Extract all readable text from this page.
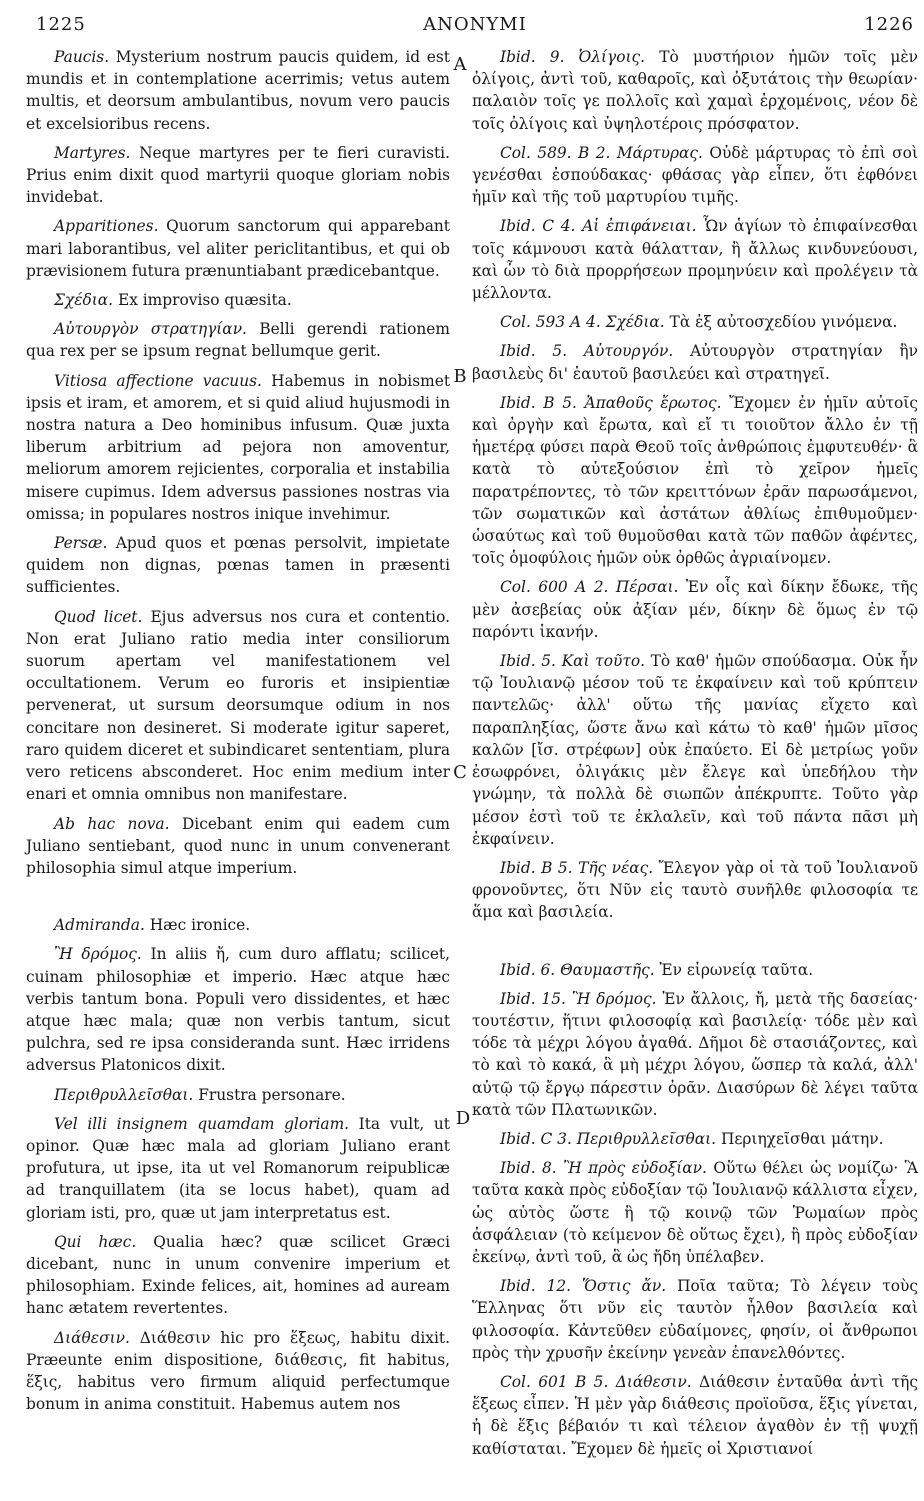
1225	ANONYMI	1226

Paucis. Mysterium nostrum paucis quidem, id est mundis et in contemplatione acerrimis; vetus autem multis, et deorsum ambulantibus, novum vero paucis et excelsioribus recens.

Martyres. Neque martyres per te fieri curavisti. Prius enim dixit quod martyrii quoque gloriam nobis invidebat.

Apparitiones. Quorum sanctorum qui apparebant mari laborantibus, vel aliter periclitantibus, et qui ob prævisionem futura prænuntiabant prædicebantque.

Σχέδια. Ex improviso quæsita.

Αὐτουργὸν στρατηγίαν. Belli gerendi rationem qua rex per se ipsum regnat bellumque gerit.

Vitiosa affectione vacuus. Habemus in nobismet ipsis et iram, et amorem, et si quid aliud hujusmodi in nostra natura a Deo hominibus infusum. Quæ juxta liberum arbitrium ad pejora non amoventur, meliorum amorem rejicientes, corporalia et instabilia misere cupimus. Idem adversus passiones nostras via omissa; in populares nostros inique invehimur.

Persæ. Apud quos et pœnas persolvit, impietate quidem non dignas, pœnas tamen in præsenti sufficientes.

Quod licet. Ejus adversus nos cura et contentio. Non erat Juliano ratio media inter consiliorum suorum apertam vel manifestationem vel occultationem. Verum eo furoris et insipientiæ pervenerat, ut sursum deorsumque odium in nos concitare non desineret. Si moderate igitur saperet, raro quidem diceret et subindicaret sententiam, plura vero reticens absconderet. Hoc enim medium inter enari et omnia omnibus non manifestare.

Ab hac nova. Dicebant enim qui eadem cum Juliano sentiebant, quod nunc in unum convenerant philosophia simul atque imperium.

Admiranda. Hæc ironice.

Ἢ δρόμος. In aliis ἤ, cum duro afflatu; scilicet, cuinam philosophiæ et imperio. Hæc atque hæc verbis tantum bona. Populi vero dissidentes, et hæc atque hæc mala; quæ non verbis tantum, sicut pulchra, sed re ipsa consideranda sunt. Hæc irridens adversus Platonicos dixit.

Περιθρυλλεῖσθαι. Frustra personare.

Vel illi insignem quamdam gloriam. Ita vult, ut opinor. Quæ hæc mala ad gloriam Juliano erant profutura, ut ipse, ita ut vel Romanorum reipublicæ ad tranquillatem (ita se locus habet), quam ad gloriam isti, pro, quæ ut jam interpretatus est.

Qui hæc. Qualia hæc? quæ scilicet Græci dicebant, nunc in unum convenire imperium et philosophiam. Exinde felices, ait, homines ad auream hanc ætatem revertentes.

Διάθεσιν. Διάθεσιν hic pro ἕξεως, habitu dixit. Præeunte enim dispositione, διάθεσις, fit habitus, ἕξις, habitus vero firmum aliquid perfectumque bonum in anima constituit. Habemus autem nos

Ibid. 9. Ὀλίγοις. Τὸ μυστήριον ἡμῶν τοῖς μὲν ὀλίγοις, ἀντὶ τοῦ, καθαροῖς, καὶ ὀξυτάτοις τὴν θεωρίαν· παλαιὸν τοῖς γε πολλοῖς καὶ χαμαὶ ἐρχομένοις, νέον δὲ τοῖς ὀλίγοις καὶ ὑψηλοτέροις πρόσφατον.

Col. 589. B 2. Μάρτυρας. Οὐδὲ μάρτυρας τὸ ἐπὶ σοὶ γενέσθαι ἐσπούδακας· φθάσας γὰρ εἶπεν, ὅτι ἐφθόνει ἡμῖν καὶ τῆς τοῦ μαρτυρίου τιμῆς.

Ibid. C 4. Αἱ ἐπιφάνειαι. Ὧν ἁγίων τὸ ἐπιφαίνεσθαι τοῖς κάμνουσι κατὰ θάλατταν, ἢ ἄλλως κινδυνεύουσι, καὶ ὧν τὸ διὰ προρρήσεων προμηνύειν καὶ προλέγειν τὰ μέλλοντα.

Col. 593 A 4. Σχέδια. Τὰ ἐξ αὐτοσχεδίου γινόμενα.

Ibid. 5. Αὐτουργόν. Αὐτουργὸν στρατηγίαν ἣν βασιλεὺς δι' ἑαυτοῦ βασιλεύει καὶ στρατηγεῖ.

Ibid. B 5. Ἀπαθοῦς ἔρωτος. Ἔχομεν ἐν ἡμῖν αὐτοῖς καὶ ὀργὴν καὶ ἔρωτα, καὶ εἴ τι τοιοῦτον ἄλλο ἐν τῇ ἡμετέρᾳ φύσει παρὰ Θεοῦ τοῖς ἀνθρώποις ἐμφυτευθέν· ἃ κατὰ τὸ αὐτεξούσιον ἐπὶ τὸ χεῖρον ἡμεῖς παρατρέποντες, τὸ τῶν κρειττόνων ἐρᾶν παρωσάμενοι, τῶν σωματικῶν καὶ ἀστάτων ἀθλίως ἐπιθυμοῦμεν· ὡσαύτως καὶ τοῦ θυμοῦσθαι κατὰ τῶν παθῶν ἀφέντες, τοῖς ὁμοφύλοις ἡμῶν οὐκ ὀρθῶς ἀγριαίνομεν.

Col. 600 A 2. Πέρσαι. Ἐν οἷς καὶ δίκην ἔδωκε, τῆς μὲν ἀσεβείας οὐκ ἀξίαν μέν, δίκην δὲ ὅμως ἐν τῷ παρόντι ἱκανήν.

Ibid. 5. Καὶ τοῦτο. Τὸ καθ' ἡμῶν σπούδασμα. Οὐκ ἦν τῷ Ἰουλιανῷ μέσον τοῦ τε ἐκφαίνειν καὶ τοῦ κρύπτειν παντελῶς· ἀλλ' οὕτω τῆς μανίας εἴχετο καὶ παραπληξίας, ὥστε ἄνω καὶ κάτω τὸ καθ' ἡμῶν μῖσος καλῶν [ἴσ. στρέφων] οὐκ ἐπαύετο. Εἰ δὲ μετρίως γοῦν ἐσωφρόνει, ὀλιγάκις μὲν ἔλεγε καὶ ὑπεδήλου τὴν γνώμην, τὰ πολλὰ δὲ σιωπῶν ἀπέκρυπτε. Τοῦτο γὰρ μέσον ἐστὶ τοῦ τε ἐκλαλεῖν, καὶ τοῦ πάντα πᾶσι μὴ ἐκφαίνειν.

Ibid. B 5. Τῆς νέας. Ἔλεγον γὰρ οἱ τὰ τοῦ Ἰουλιανοῦ φρονοῦντες, ὅτι Νῦν εἰς ταυτὸ συνῆλθε φιλοσοφία τε ἅμα καὶ βασιλεία.

Ibid. 6. Θαυμαστῆς. Ἐν εἰρωνείᾳ ταῦτα.

Ibid. 15. Ἢ δρόμος. Ἐν ἄλλοις, ἤ, μετὰ τῆς δασείας· τουτέστιν, ἥτινι φιλοσοφίᾳ καὶ βασιλείᾳ· τόδε μὲν καὶ τόδε τὰ μέχρι λόγου ἀγαθά. Δῆμοι δὲ στασιάζοντες, καὶ τὸ καὶ τὸ κακά, ἃ μὴ μέχρι λόγου, ὥσπερ τὰ καλά, ἀλλ' αὐτῷ τῷ ἔργῳ πάρεστιν ὁρᾶν. Διασύρων δὲ λέγει ταῦτα κατὰ τῶν Πλατωνικῶν.

Ibid. C 3. Περιθρυλλεῖσθαι. Περιηχεῖσθαι μάτην.

Ibid. 8. Ἢ πρὸς εὐδοξίαν. Οὕτω θέλει ὡς νομίζω· Ἃ ταῦτα κακὰ πρὸς εὐδοξίαν τῷ Ἰουλιανῷ κάλλιστα εἶχεν, ὡς αὐτὸς ὥστε ἢ τῷ κοινῷ τῶν Ῥωμαίων πρὸς ἀσφάλειαν (τὸ κείμενον δὲ οὕτως ἔχει), ἢ πρὸς εὐδοξίαν ἐκείνῳ, ἀντὶ τοῦ, ἃ ὡς ἤδη ὑπέλαβεν.

Ibid. 12. Ὅστις ἄν. Ποῖα ταῦτα; Τὸ λέγειν τοὺς Ἕλληνας ὅτι νῦν εἰς ταυτὸν ἦλθον βασιλεία καὶ φιλοσοφία. Κἀντεῦθεν εὐδαίμονες, φησίν, οἱ ἄνθρωποι πρὸς τὴν χρυσῆν ἐκείνην γενεὰν ἐπανελθόντες.

Col. 601 B 5. Διάθεσιν. Διάθεσιν ἐνταῦθα ἀντὶ τῆς ἕξεως εἶπεν. Ἡ μὲν γὰρ διάθεσις προϊοῦσα, ἕξις γίνεται, ἡ δὲ ἕξις βέβαιόν τι καὶ τέλειον ἀγαθὸν ἐν τῇ ψυχῇ καθίσταται. Ἔχομεν δὲ ἡμεῖς οἱ Χριστιανοί

A
B
C
D
